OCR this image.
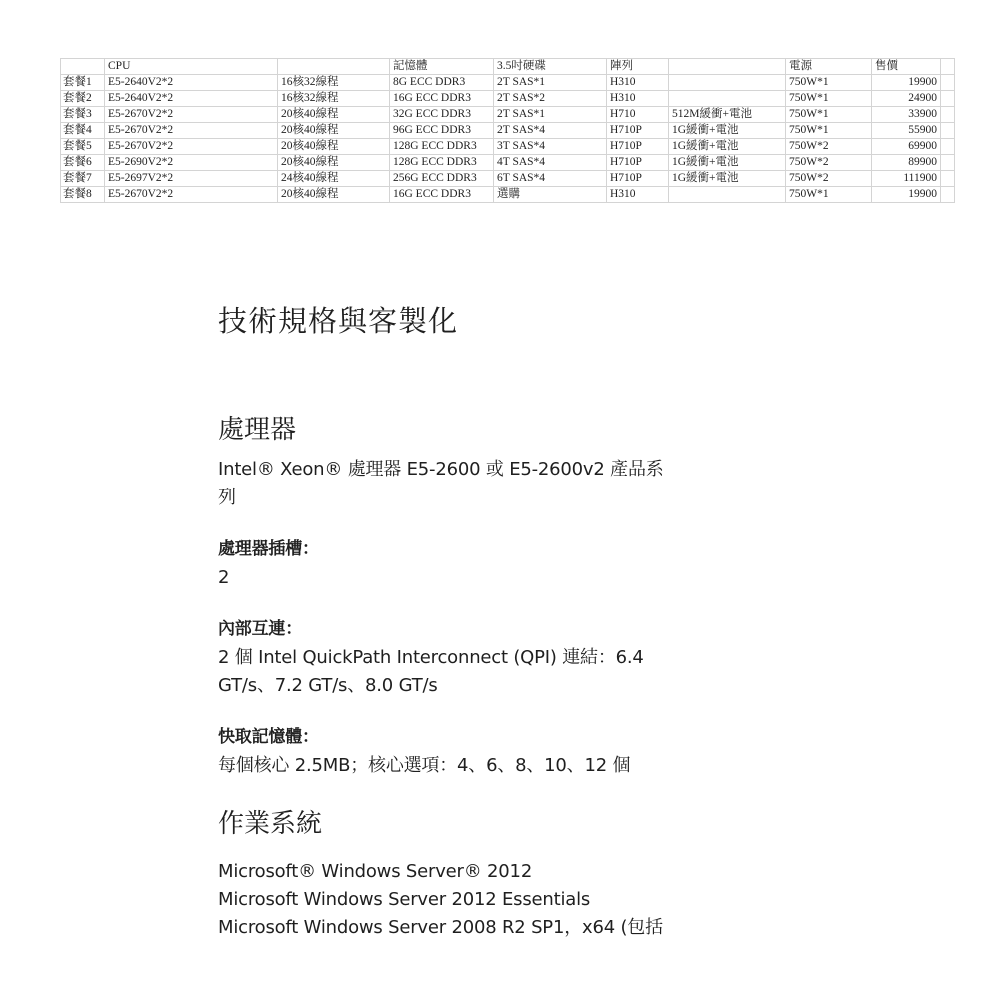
	CPU		記憶體	3.5吋硬碟	陣列		電源	售價	
套餐1	E5-2640V2*2	16核32線程	8G ECC DDR3	2T SAS*1	H310		750W*1	19900	
套餐2	E5-2640V2*2	16核32線程	16G ECC DDR3	2T SAS*2	H310		750W*1	24900	
套餐3	E5-2670V2*2	20核40線程	32G ECC DDR3	2T SAS*1	H710	512M緩衝+電池	750W*1	33900	
套餐4	E5-2670V2*2	20核40線程	96G ECC DDR3	2T SAS*4	H710P	1G緩衝+電池	750W*1	55900	
套餐5	E5-2670V2*2	20核40線程	128G ECC DDR3	3T SAS*4	H710P	1G緩衝+電池	750W*2	69900	
套餐6	E5-2690V2*2	20核40線程	128G ECC DDR3	4T SAS*4	H710P	1G緩衝+電池	750W*2	89900	
套餐7	E5-2697V2*2	24核40線程	256G ECC DDR3	6T SAS*4	H710P	1G緩衝+電池	750W*2	111900	
套餐8	E5-2670V2*2	20核40線程	16G ECC DDR3	選購	H310		750W*1	19900	
技術規格與客製化
處理器

Intel® Xeon® 處理器 E5-2600 或 E5-2600v2 產品系

列

處理器插槽：

2

內部互連：

2 個 Intel QuickPath Interconnect (QPI) 連結：6.4

GT/s、7.2 GT/s、8.0 GT/s

快取記憶體：

每個核心 2.5MB；核心選項：4、6、8、10、12 個

作業系統

Microsoft® Windows Server® 2012

Microsoft Windows Server 2012 Essentials

Microsoft Windows Server 2008 R2 SP1，x64 (包括
